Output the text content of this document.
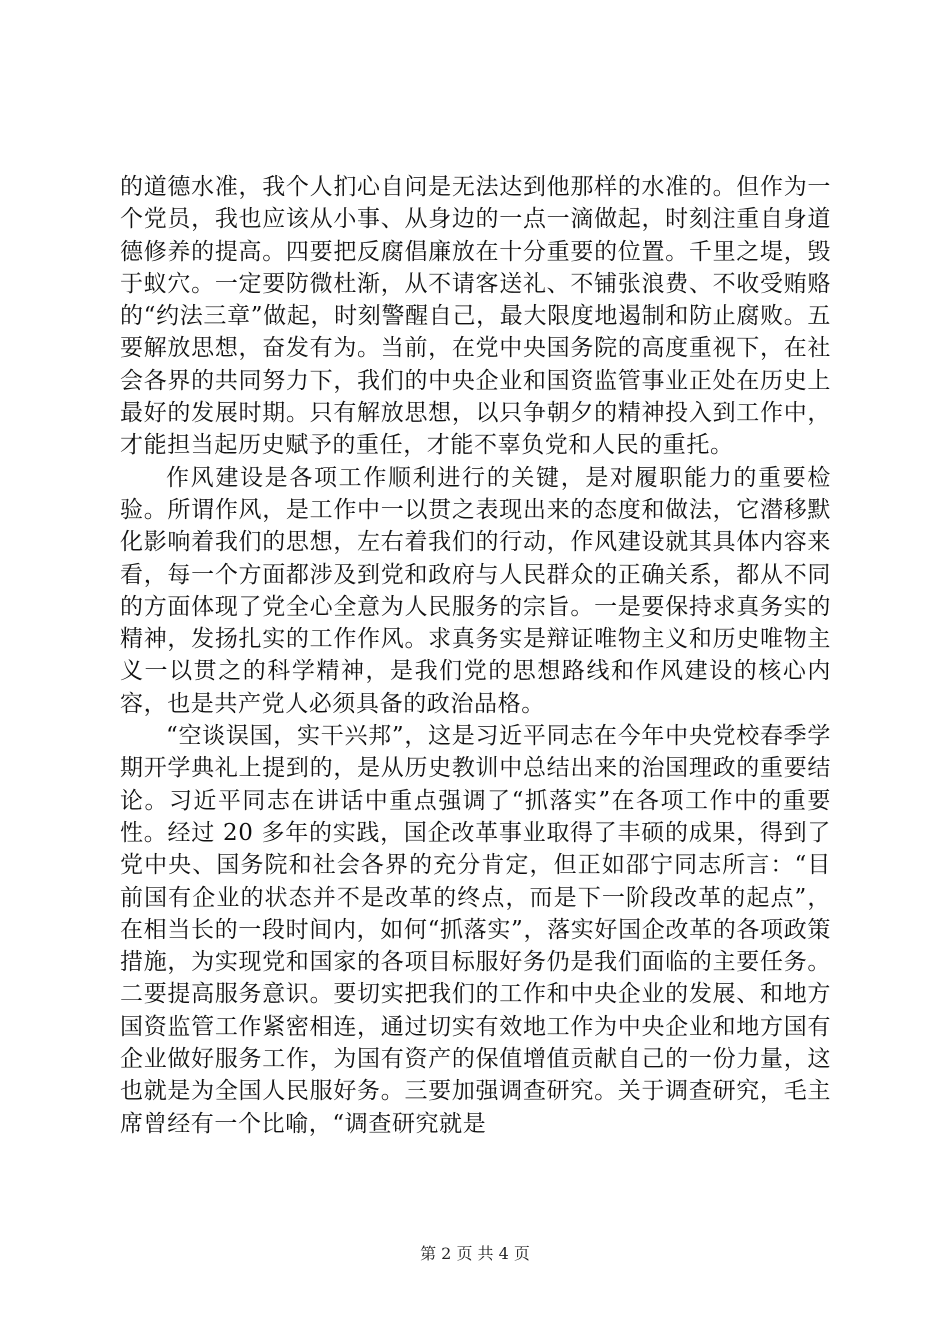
的道德水准，我个人扪心自问是无法达到他那样的水准的。但作为一个党员，我也应该从小事、从身边的一点一滴做起，时刻注重自身道德修养的提高。四要把反腐倡廉放在十分重要的位置。千里之堤，毁于蚁穴。一定要防微杜渐，从不请客送礼、不铺张浪费、不收受贿赂的“约法三章”做起，时刻警醒自己，最大限度地遏制和防止腐败。五要解放思想，奋发有为。当前，在党中央国务院的高度重视下，在社会各界的共同努力下，我们的中央企业和国资监管事业正处在历史上最好的发展时期。只有解放思想，以只争朝夕的精神投入到工作中，才能担当起历史赋予的重任，才能不辜负党和人民的重托。

作风建设是各项工作顺利进行的关键，是对履职能力的重要检验。所谓作风，是工作中一以贯之表现出来的态度和做法，它潜移默化影响着我们的思想，左右着我们的行动，作风建设就其具体内容来看，每一个方面都涉及到党和政府与人民群众的正确关系，都从不同的方面体现了党全心全意为人民服务的宗旨。一是要保持求真务实的精神，发扬扎实的工作作风。求真务实是辩证唯物主义和历史唯物主义一以贯之的科学精神，是我们党的思想路线和作风建设的核心内容，也是共产党人必须具备的政治品格。

“空谈误国，实干兴邦”，这是习近平同志在今年中央党校春季学期开学典礼上提到的，是从历史教训中总结出来的治国理政的重要结论。习近平同志在讲话中重点强调了“抓落实”在各项工作中的重要性。经过 20 多年的实践，国企改革事业取得了丰硕的成果，得到了党中央、国务院和社会各界的充分肯定，但正如邵宁同志所言：“目前国有企业的状态并不是改革的终点，而是下一阶段改革的起点”，在相当长的一段时间内，如何“抓落实”，落实好国企改革的各项政策措施，为实现党和国家的各项目标服好务仍是我们面临的主要任务。二要提高服务意识。要切实把我们的工作和中央企业的发展、和地方国资监管工作紧密相连，通过切实有效地工作为中央企业和地方国有企业做好服务工作，为国有资产的保值增值贡献自己的一份力量，这也就是为全国人民服好务。三要加强调查研究。关于调查研究，毛主席曾经有一个比喻，“调查研究就是

第 2 页 共 4 页
